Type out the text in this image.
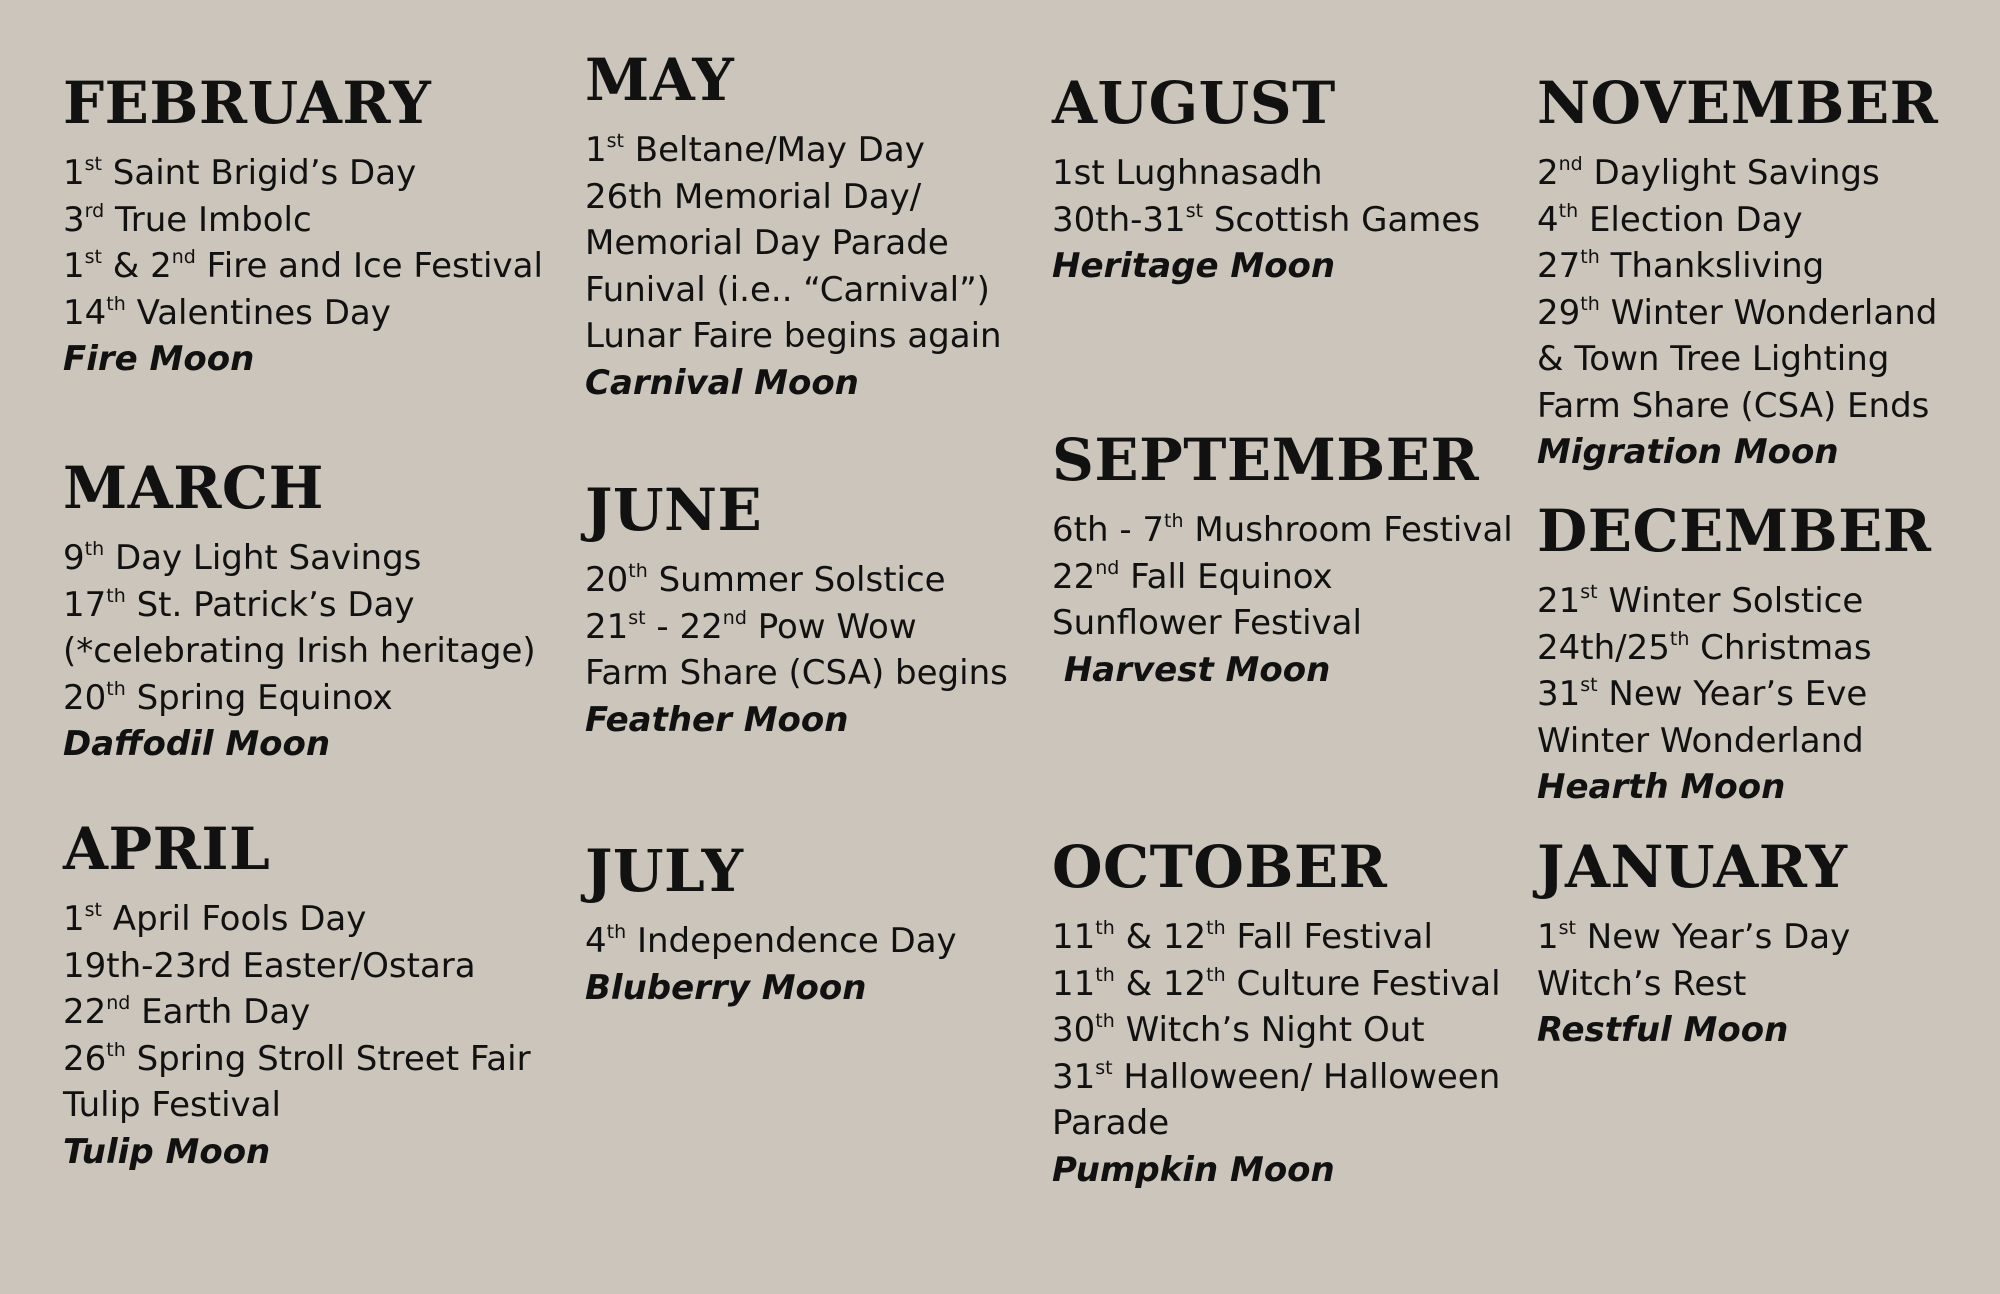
FEBRUARY
1st Saint Brigid’s Day
3rd True Imbolc
1st & 2nd Fire and Ice Festival
14th Valentines Day
Fire Moon
MARCH
9th Day Light Savings
17th St. Patrick’s Day
(*celebrating Irish heritage)
20th Spring Equinox
Daffodil Moon
APRIL
1st April Fools Day
19th-23rd Easter/Ostara
22nd Earth Day
26th Spring Stroll Street Fair
Tulip Festival
Tulip Moon
MAY
1st Beltane/May Day
26th Memorial Day/
Memorial Day Parade
Funival (i.e.. “Carnival”)
Lunar Faire begins again
Carnival Moon
JUNE
20th Summer Solstice
21st - 22nd Pow Wow
Farm Share (CSA) begins
Feather Moon
JULY
4th Independence Day
Bluberry Moon
AUGUST
1st Lughnasadh
30th-31st Scottish Games
Heritage Moon
SEPTEMBER
6th - 7th Mushroom Festival
22nd Fall Equinox
Sunflower Festival
Harvest Moon
OCTOBER
11th & 12th Fall Festival
11th & 12th Culture Festival
30th Witch’s Night Out
31st Halloween/ Halloween
Parade
Pumpkin Moon
NOVEMBER
2nd Daylight Savings
4th Election Day
27th Thanksliving
29th Winter Wonderland
& Town Tree Lighting
Farm Share (CSA) Ends
Migration Moon
DECEMBER
21st Winter Solstice
24th/25th Christmas
31st New Year’s Eve
Winter Wonderland
Hearth Moon
JANUARY
1st New Year’s Day
Witch’s Rest
Restful Moon
